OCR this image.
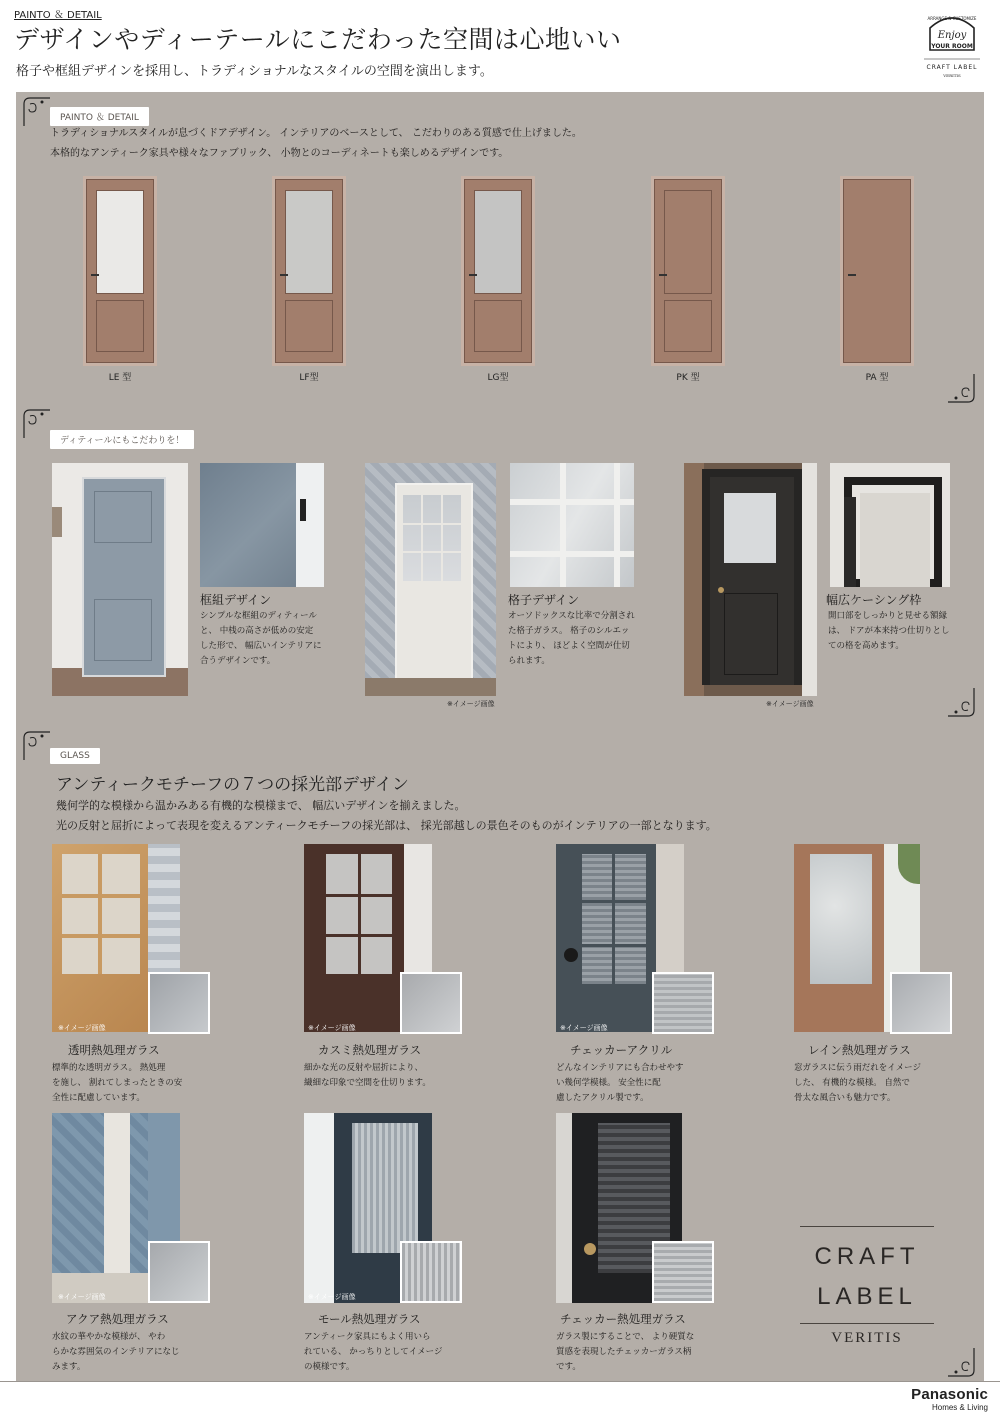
PAINTO ＆ DETAIL
デザインやディーテールにこだわった空間は心地いい
格子や框組デザインを採用し、トラディショナルなスタイルの空間を演出します。
ARRANGE & CUSTOMIZE
Enjoy
YOUR ROOM
CRAFT LABEL
VERITIS
PAINTO ＆ DETAIL
トラディショナルスタイルが息づくドアデザイン。 インテリアのベースとして、 こだわりのある質感で仕上げました。
本格的なアンティーク家具や様々なファブリック、 小物とのコーディネートも楽しめるデザインです。
LE 型	LF型	LG型	PK 型	PA 型
ディティールにもこだわりを！
框組デザイン
シンプルな框組のディティール
と、 中桟の高さが低めの安定
した形で、 幅広いインテリアに
合うデザインです。
格子デザイン
オーソドックスな比率で分割され
た格子ガラス。 格子のシルエッ
トにより、 ほどよく空間が仕切
られます。
※イメージ画像
幅広ケーシング枠
開口部をしっかりと見せる額縁
は、 ドアが本来持つ仕切りとし
ての格を高めます。
※イメージ画像
GLASS
アンティークモチーフの７つの採光部デザイン
幾何学的な模様から温かみある有機的な模様まで、 幅広いデザインを揃えました。
光の反射と屈折によって表現を変えるアンティークモチーフの採光部は、 採光部越しの景色そのものがインテリアの一部となります。
※イメージ画像
透明熱処理ガラス
標準的な透明ガラス。 熱処理
を施し、 割れてしまったときの安
全性に配慮しています。
※イメージ画像
カスミ熱処理ガラス
細かな光の反射や屈折により、
繊細な印象で空間を仕切ります。
※イメージ画像
チェッカーアクリル
どんなインテリアにも合わせやす
い幾何学模様。 安全性に配
慮したアクリル製です。
レイン熱処理ガラス
窓ガラスに伝う雨だれをイメージ
した、 有機的な模様。 自然で
骨太な風合いも魅力です。
※イメージ画像
アクア熱処理ガラス
水紋の華やかな模様が、 やわ
らかな雰囲気のインテリアになじ
みます。
※イメージ画像
モール熱処理ガラス
アンティーク家具にもよく用いら
れている、 かっちりとしてイメージ
の模様です。
チェッカー熱処理ガラス
ガラス製にすることで、 より硬質な
質感を表現したチェッカーガラス柄
です。
CRAFT
LABEL
VERITIS
Panasonic
Homes & Living
